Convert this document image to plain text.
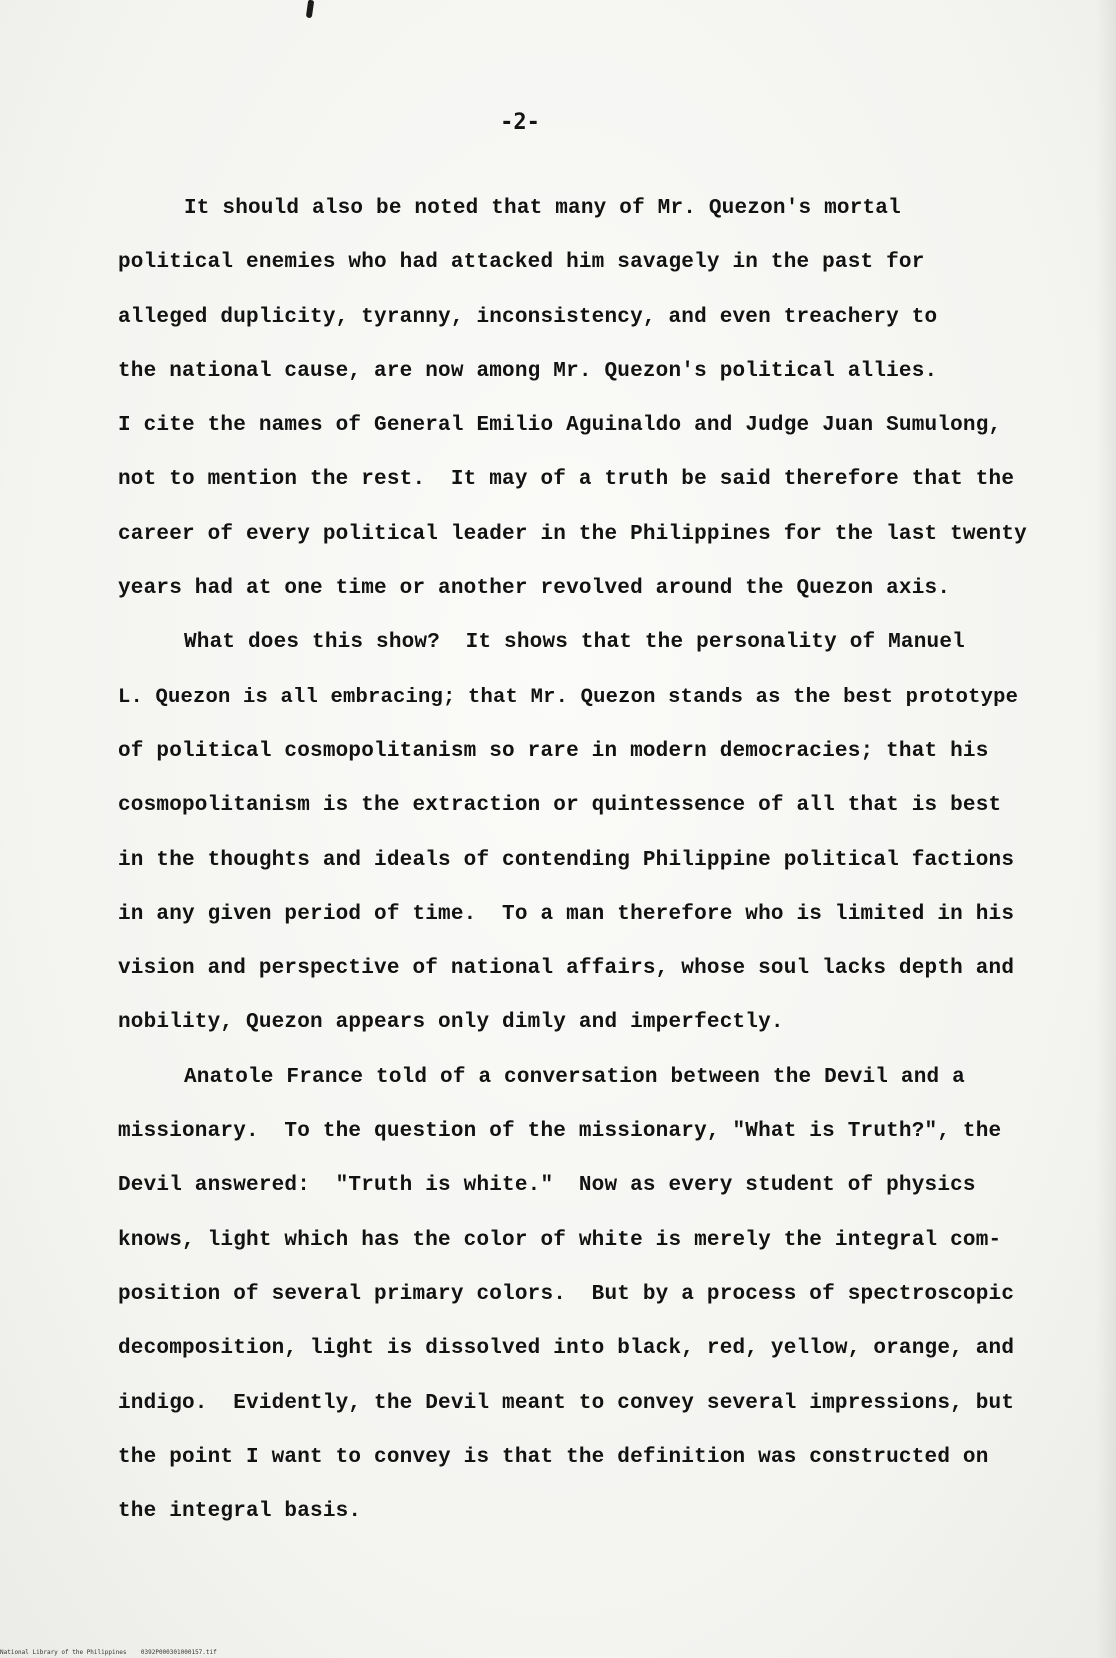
-2-
It should also be noted that many of Mr. Quezon's mortal
political enemies who had attacked him savagely in the past for
alleged duplicity, tyranny, inconsistency, and even treachery to
the national cause, are now among Mr. Quezon's political allies.
I cite the names of General Emilio Aguinaldo and Judge Juan Sumulong,
not to mention the rest.  It may of a truth be said therefore that the
career of every political leader in the Philippines for the last twenty
years had at one time or another revolved around the Quezon axis.
What does this show?  It shows that the personality of Manuel
L. Quezon is all embracing; that Mr. Quezon stands as the best prototype
of political cosmopolitanism so rare in modern democracies; that his
cosmopolitanism is the extraction or quintessence of all that is best
in the thoughts and ideals of contending Philippine political factions
in any given period of time.  To a man therefore who is limited in his
vision and perspective of national affairs, whose soul lacks depth and
nobility, Quezon appears only dimly and imperfectly.
Anatole France told of a conversation between the Devil and a
missionary.  To the question of the missionary, "What is Truth?", the
Devil answered:  "Truth is white."  Now as every student of physics
knows, light which has the color of white is merely the integral com-
position of several primary colors.  But by a process of spectroscopic
decomposition, light is dissolved into black, red, yellow, orange, and
indigo.  Evidently, the Devil meant to convey several impressions, but
the point I want to convey is that the definition was constructed on
the integral basis.
National Library of the Philippines    0392P000301000157.tif
